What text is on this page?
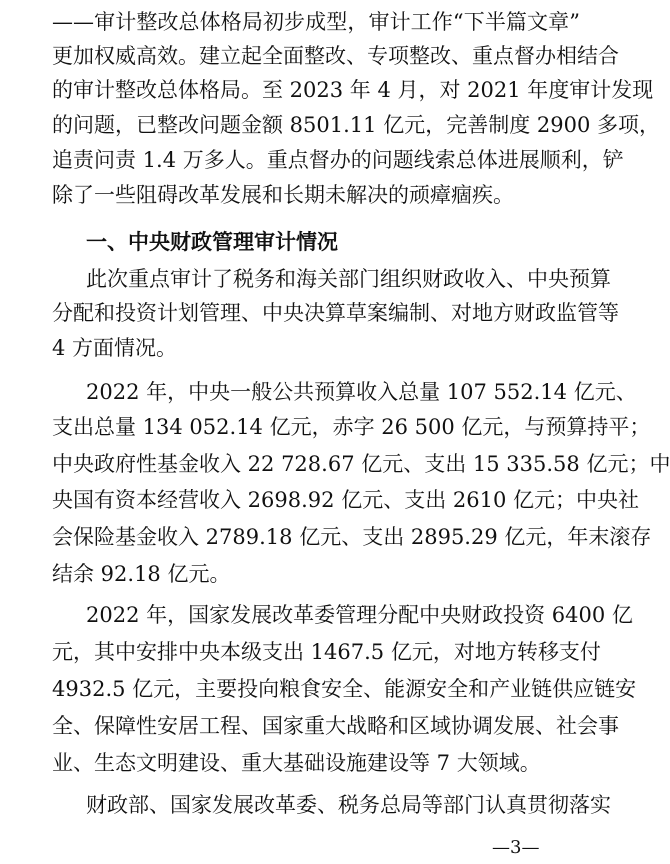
——审计整改总体格局初步成型，审计工作“下半篇文章”
更加权威高效。建立起全面整改、专项整改、重点督办相结合
的审计整改总体格局。至 2023 年 4 月，对 2021 年度审计发现
的问题，已整改问题金额 8501.11 亿元，完善制度 2900 多项，
追责问责 1.4 万多人。重点督办的问题线索总体进展顺利，铲
除了一些阻碍改革发展和长期未解决的顽瘴痼疾。
一、中央财政管理审计情况
此次重点审计了税务和海关部门组织财政收入、中央预算
分配和投资计划管理、中央决算草案编制、对地方财政监管等
4 方面情况。
2022 年，中央一般公共预算收入总量 107 552.14 亿元、
支出总量 134 052.14 亿元，赤字 26 500 亿元，与预算持平；
中央政府性基金收入 22 728.67 亿元、支出 15 335.58 亿元；中
央国有资本经营收入 2698.92 亿元、支出 2610 亿元；中央社
会保险基金收入 2789.18 亿元、支出 2895.29 亿元，年末滚存
结余 92.18 亿元。
2022 年，国家发展改革委管理分配中央财政投资 6400 亿
元，其中安排中央本级支出 1467.5 亿元，对地方转移支付
4932.5 亿元，主要投向粮食安全、能源安全和产业链供应链安
全、保障性安居工程、国家重大战略和区域协调发展、社会事
业、生态文明建设、重大基础设施建设等 7 大领域。
财政部、国家发展改革委、税务总局等部门认真贯彻落实
—3—
